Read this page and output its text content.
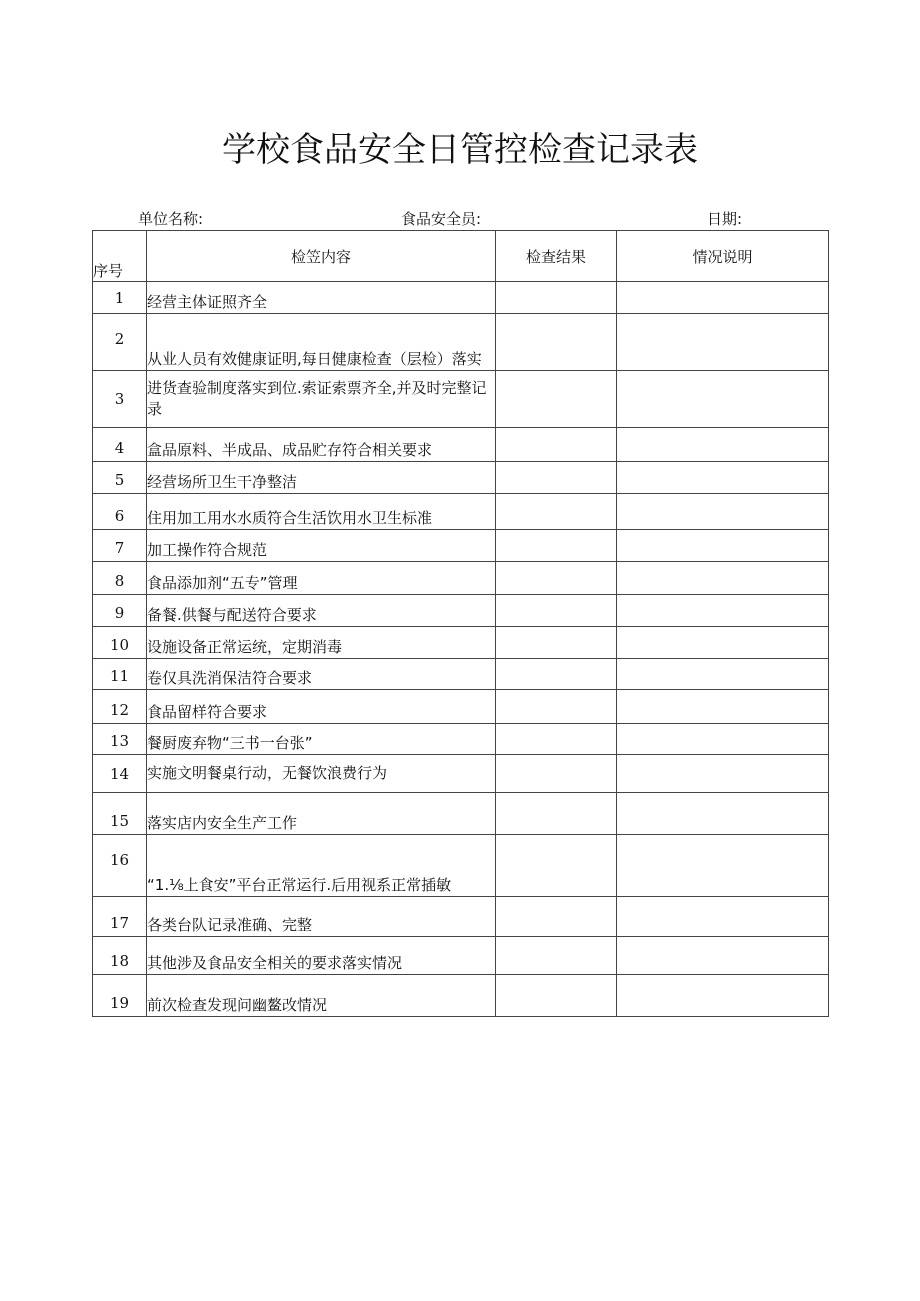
学校食品安全日管控检查记录表
单位名称:	食品安全员:	日期:
序号	检笠内容	检查结果	情况说明
1	经营主体证照齐全		
2	从业人员有效健康证明,每日健康检查（层检）落实		
3	进货查验制度落实到位.索证索票齐全,并及时完整记录		
4	盒品原料、半成品、成品贮存符合相关要求		
5	经营场所卫生干净整洁		
6	住用加工用水水质符合生活饮用水卫生标准		
7	加工操作符合规范		
8	食品添加剂“五专”管理		
9	备餐.供餐与配送符合要求		
10	设施设备正常运统，定期消毒		
11	卷仅具洗消保洁符合要求		
12	食品留样符合要求		
13	餐厨废弃物“三书一台张”		
14	实施文明餐桌行动，无餐饮浪费行为		
15	落实店内安全生产工作		
16	“1.⅛上食安”平台正常运行.后用视系正常插敏		
17	各类台队记录准确、完整		
18	其他涉及食品安全相关的要求落实情况		
19	前次检查发现问幽鳌改情况		
